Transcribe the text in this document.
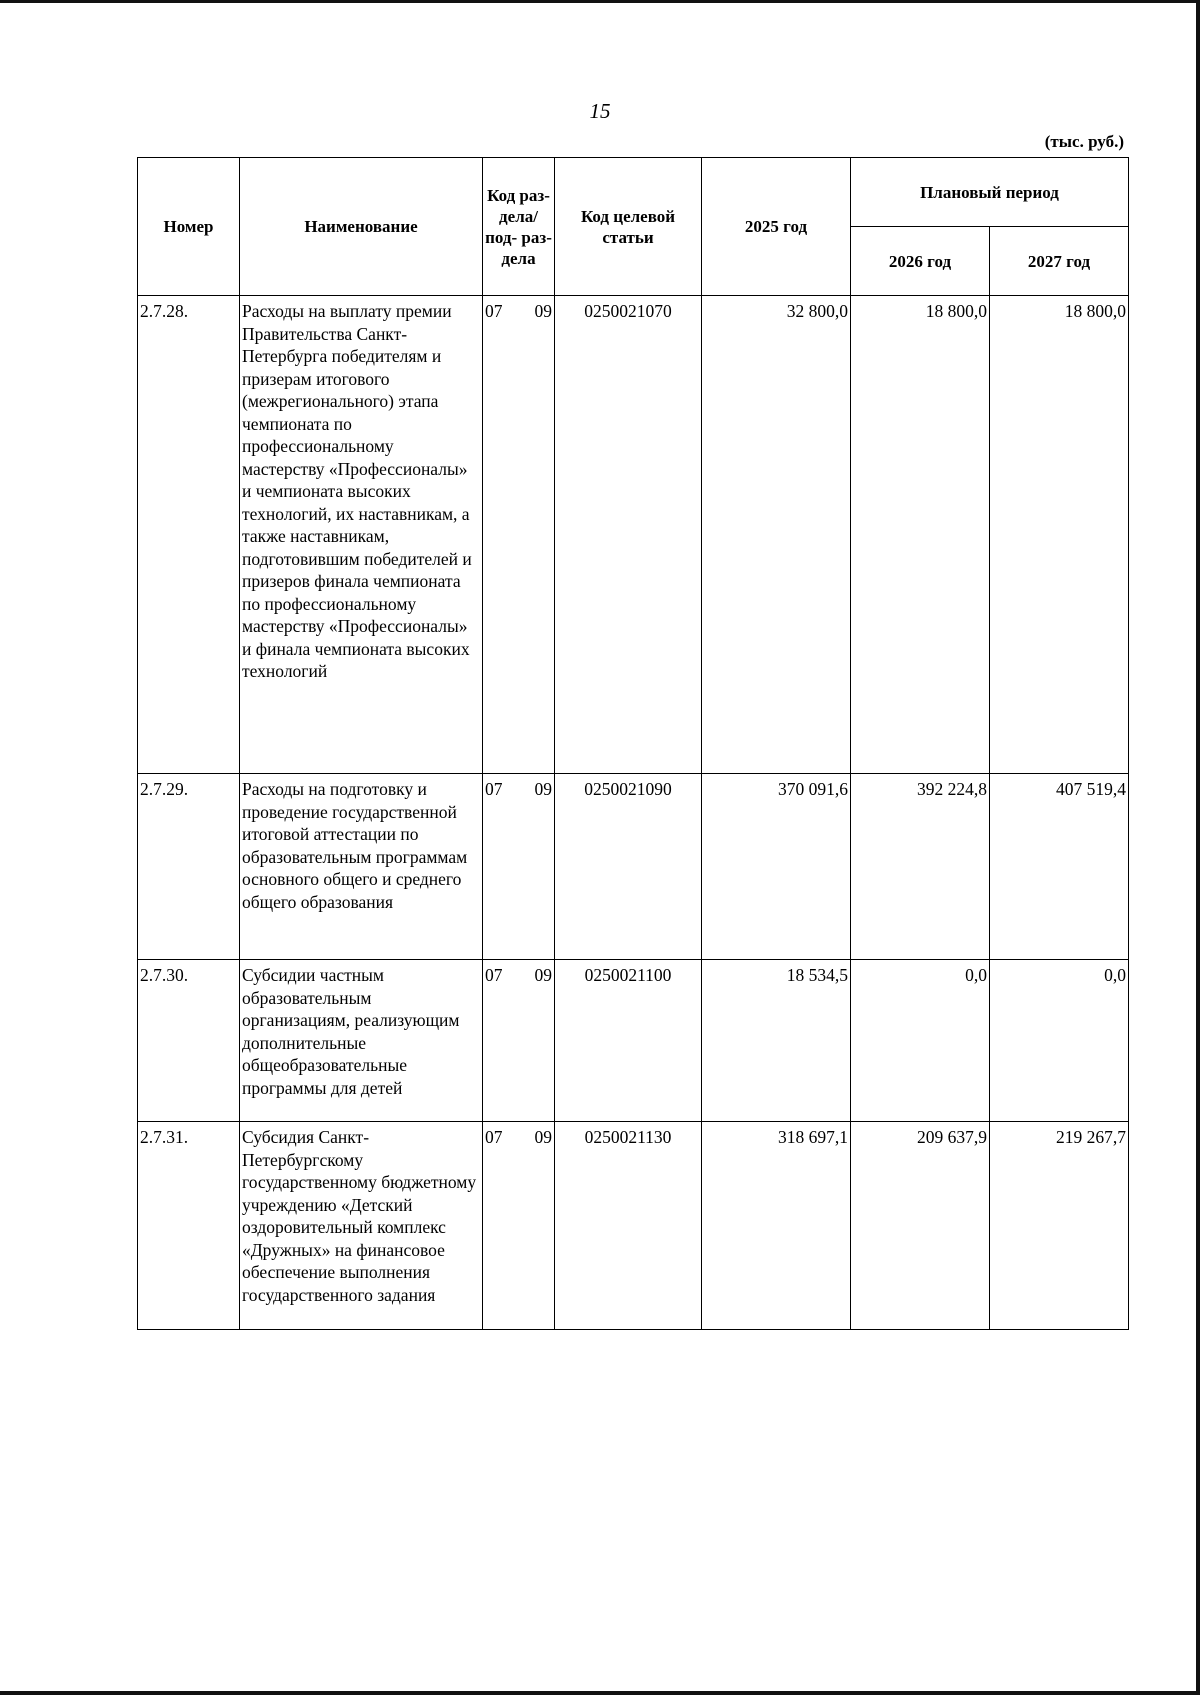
15
(тыс. руб.)
Номер	Наименование	Код раз- дела/ под- раз- дела	Код целевой статьи	2025 год	Плановый период	
					2026 год	2027 год
2.7.28.	Расходы на выплату премии Правительства Санкт-Петербурга победителям и призерам итогового (межрегионального) этапа чемпионата по профессиональному мастерству «Профессионалы» и чемпионата высоких технологий, их наставникам, а также наставникам, подготовившим победителей и призеров финала чемпионата по профессиональному мастерству «Профессионалы» и финала чемпионата высоких технологий	07 09	0250021070	32 800,0	18 800,0	18 800,0
2.7.29.	Расходы на подготовку и проведение государственной итоговой аттестации по образовательным программам основного общего и среднего общего образования	07 09	0250021090	370 091,6	392 224,8	407 519,4
2.7.30.	Субсидии частным образовательным организациям, реализующим дополнительные общеобразовательные программы для детей	07 09	0250021100	18 534,5	0,0	0,0
2.7.31.	Субсидия Санкт-Петербургскому государственному бюджетному учреждению «Детский оздоровительный комплекс «Дружных» на финансовое обеспечение выполнения государственного задания	07 09	0250021130	318 697,1	209 637,9	219 267,7
